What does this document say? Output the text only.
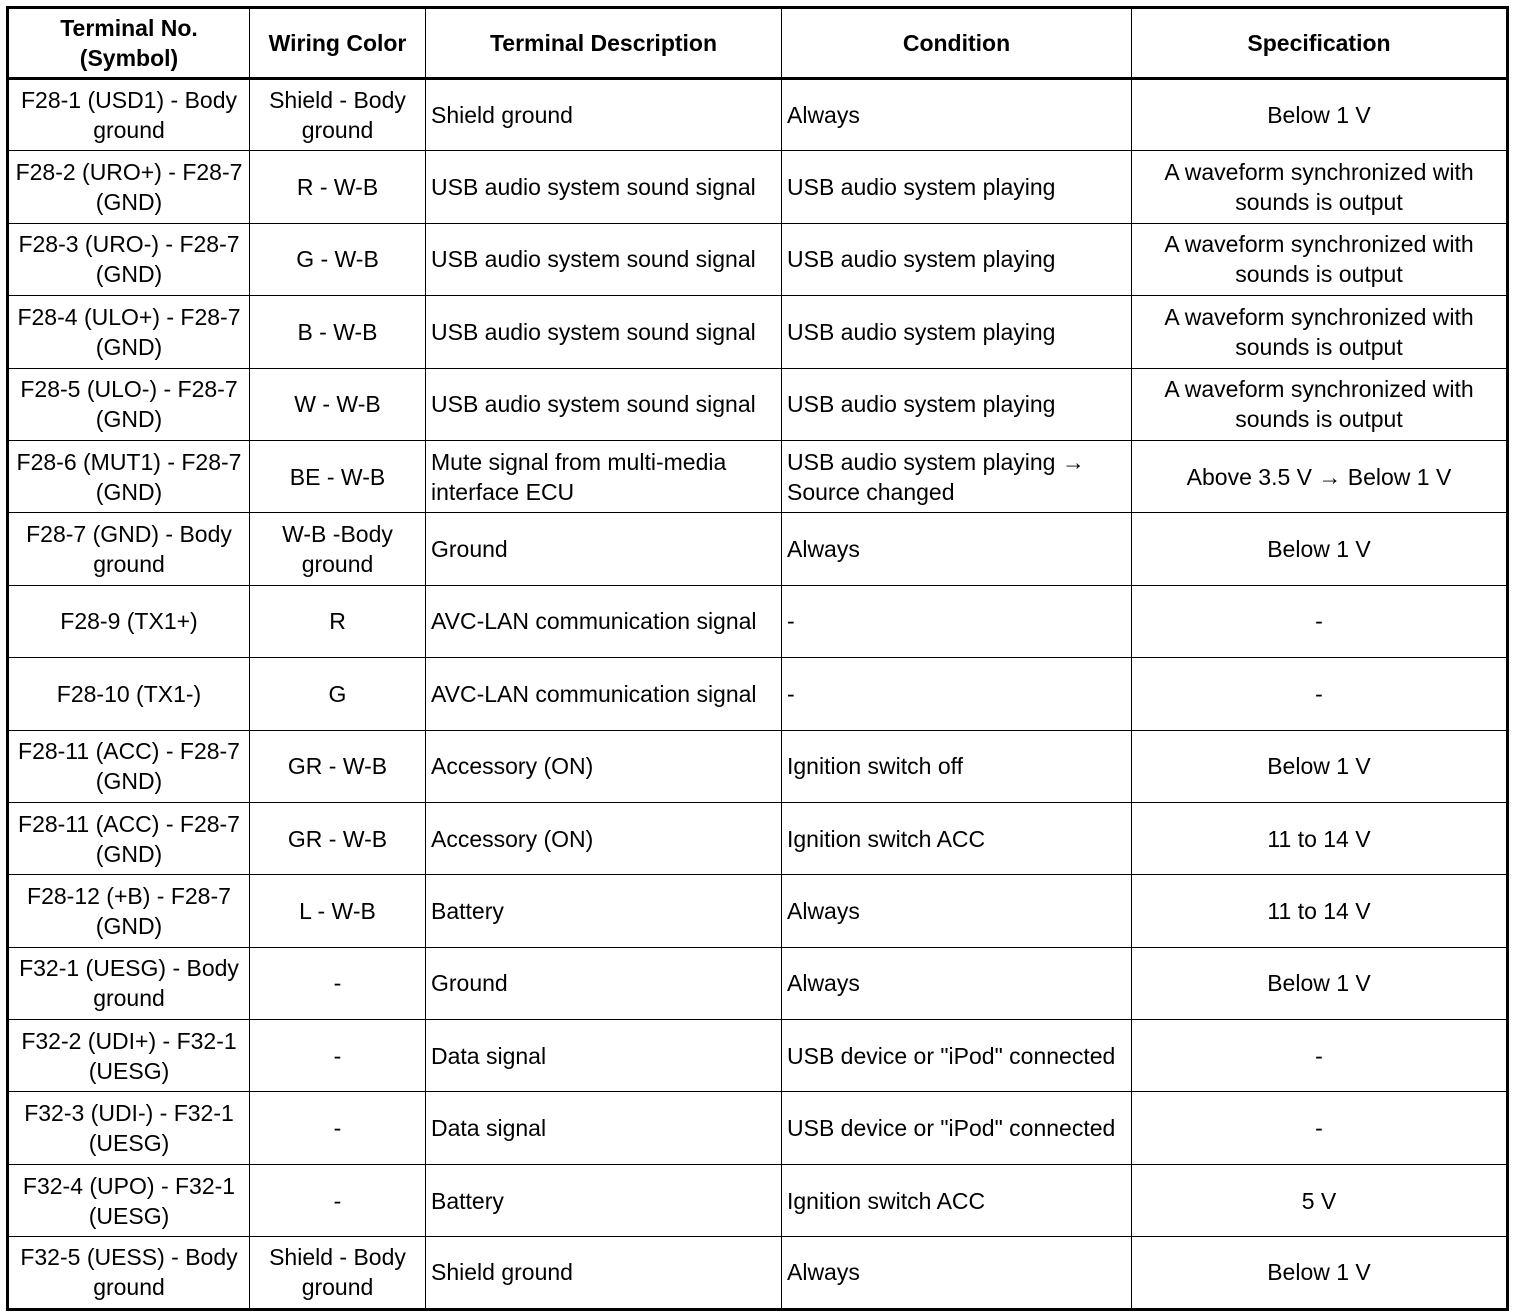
Terminal No. (Symbol)	Wiring Color	Terminal Description	Condition	Specification
F28-1 (USD1) - Body ground	Shield - Body ground	Shield ground	Always	Below 1 V
F28-2 (URO+) - F28-7 (GND)	R - W-B	USB audio system sound signal	USB audio system playing	A waveform synchronized with sounds is output
F28-3 (URO-) - F28-7 (GND)	G - W-B	USB audio system sound signal	USB audio system playing	A waveform synchronized with sounds is output
F28-4 (ULO+) - F28-7 (GND)	B - W-B	USB audio system sound signal	USB audio system playing	A waveform synchronized with sounds is output
F28-5 (ULO-) - F28-7 (GND)	W - W-B	USB audio system sound signal	USB audio system playing	A waveform synchronized with sounds is output
F28-6 (MUT1) - F28-7 (GND)	BE - W-B	Mute signal from multi-media interface ECU	USB audio system playing → Source changed	Above 3.5 V → Below 1 V
F28-7 (GND) - Body ground	W-B -Body ground	Ground	Always	Below 1 V
F28-9 (TX1+)	R	AVC-LAN communication signal	-	-
F28-10 (TX1-)	G	AVC-LAN communication signal	-	-
F28-11 (ACC) - F28-7 (GND)	GR - W-B	Accessory (ON)	Ignition switch off	Below 1 V
F28-11 (ACC) - F28-7 (GND)	GR - W-B	Accessory (ON)	Ignition switch ACC	11 to 14 V
F28-12 (+B) - F28-7 (GND)	L - W-B	Battery	Always	11 to 14 V
F32-1 (UESG) - Body ground	-	Ground	Always	Below 1 V
F32-2 (UDI+) - F32-1 (UESG)	-	Data signal	USB device or "iPod" connected	-
F32-3 (UDI-) - F32-1 (UESG)	-	Data signal	USB device or "iPod" connected	-
F32-4 (UPO) - F32-1 (UESG)	-	Battery	Ignition switch ACC	5 V
F32-5 (UESS) - Body ground	Shield - Body ground	Shield ground	Always	Below 1 V
